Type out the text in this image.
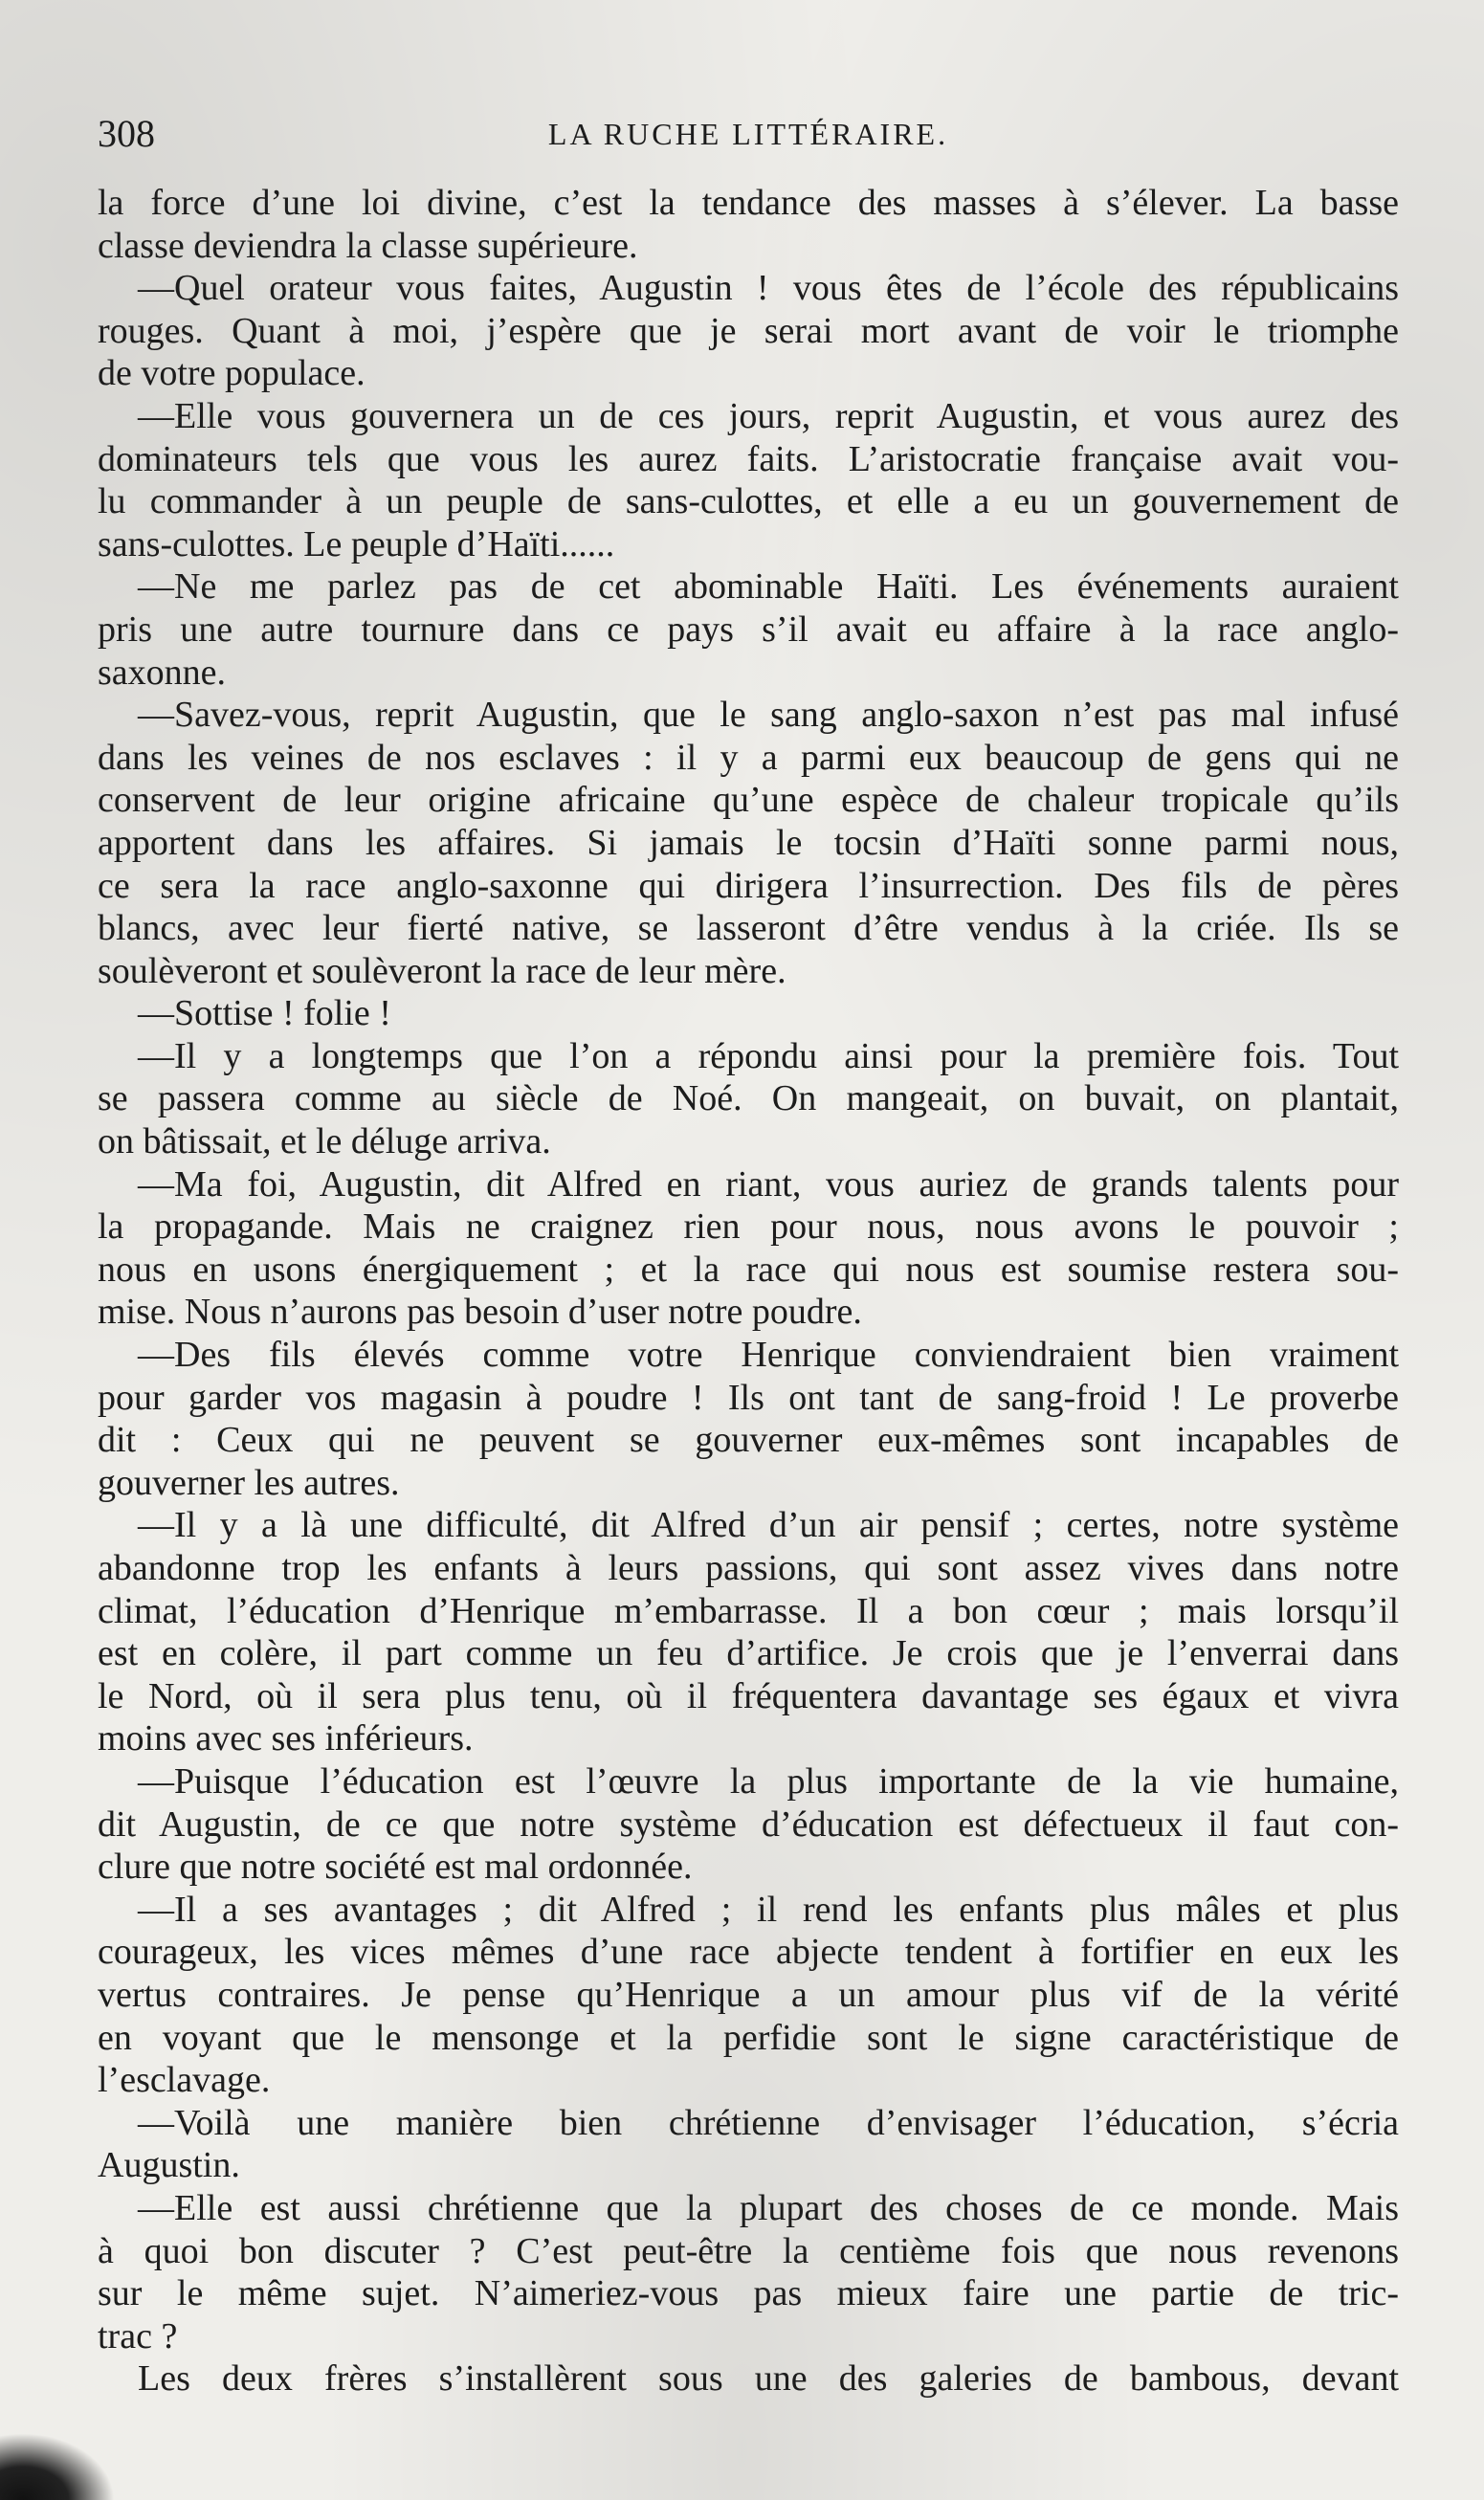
308	LA RUCHE LITTÉRAIRE.
la force d’une loi divine, c’est la tendance des masses à s’élever. La basse
classe deviendra la classe supérieure.
—Quel orateur vous faites, Augustin ! vous êtes de l’école des républicains
rouges. Quant à moi, j’espère que je serai mort avant de voir le triomphe
de votre populace.
—Elle vous gouvernera un de ces jours, reprit Augustin, et vous aurez des
dominateurs tels que vous les aurez faits. L’aristocratie française avait vou-
lu commander à un peuple de sans-culottes, et elle a eu un gouvernement de
sans-culottes. Le peuple d’Haïti......
—Ne me parlez pas de cet abominable Haïti. Les événements auraient
pris une autre tournure dans ce pays s’il avait eu affaire à la race anglo-
saxonne.
—Savez-vous, reprit Augustin, que le sang anglo-saxon n’est pas mal infusé
dans les veines de nos esclaves : il y a parmi eux beaucoup de gens qui ne
conservent de leur origine africaine qu’une espèce de chaleur tropicale qu’ils
apportent dans les affaires. Si jamais le tocsin d’Haïti sonne parmi nous,
ce sera la race anglo-saxonne qui dirigera l’insurrection. Des fils de pères
blancs, avec leur fierté native, se lasseront d’être vendus à la criée. Ils se
soulèveront et soulèveront la race de leur mère.
—Sottise ! folie !
—Il y a longtemps que l’on a répondu ainsi pour la première fois. Tout
se passera comme au siècle de Noé. On mangeait, on buvait, on plantait,
on bâtissait, et le déluge arriva.
—Ma foi, Augustin, dit Alfred en riant, vous auriez de grands talents pour
la propagande. Mais ne craignez rien pour nous, nous avons le pouvoir ;
nous en usons énergiquement ; et la race qui nous est soumise restera sou-
mise. Nous n’aurons pas besoin d’user notre poudre.
—Des fils élevés comme votre Henrique conviendraient bien vraiment
pour garder vos magasin à poudre ! Ils ont tant de sang-froid ! Le proverbe
dit : Ceux qui ne peuvent se gouverner eux-mêmes sont incapables de
gouverner les autres.
—Il y a là une difficulté, dit Alfred d’un air pensif ; certes, notre système
abandonne trop les enfants à leurs passions, qui sont assez vives dans notre
climat, l’éducation d’Henrique m’embarrasse. Il a bon cœur ; mais lorsqu’il
est en colère, il part comme un feu d’artifice. Je crois que je l’enverrai dans
le Nord, où il sera plus tenu, où il fréquentera davantage ses égaux et vivra
moins avec ses inférieurs.
—Puisque l’éducation est l’œuvre la plus importante de la vie humaine,
dit Augustin, de ce que notre système d’éducation est défectueux il faut con-
clure que notre société est mal ordonnée.
—Il a ses avantages ; dit Alfred ; il rend les enfants plus mâles et plus
courageux, les vices mêmes d’une race abjecte tendent à fortifier en eux les
vertus contraires. Je pense qu’Henrique a un amour plus vif de la vérité
en voyant que le mensonge et la perfidie sont le signe caractéristique de
l’esclavage.
—Voilà une manière bien chrétienne d’envisager l’éducation, s’écria
Augustin.
—Elle est aussi chrétienne que la plupart des choses de ce monde. Mais
à quoi bon discuter ? C’est peut-être la centième fois que nous revenons
sur le même sujet. N’aimeriez-vous pas mieux faire une partie de tric-
trac ?
Les deux frères s’installèrent sous une des galeries de bambous, devant
